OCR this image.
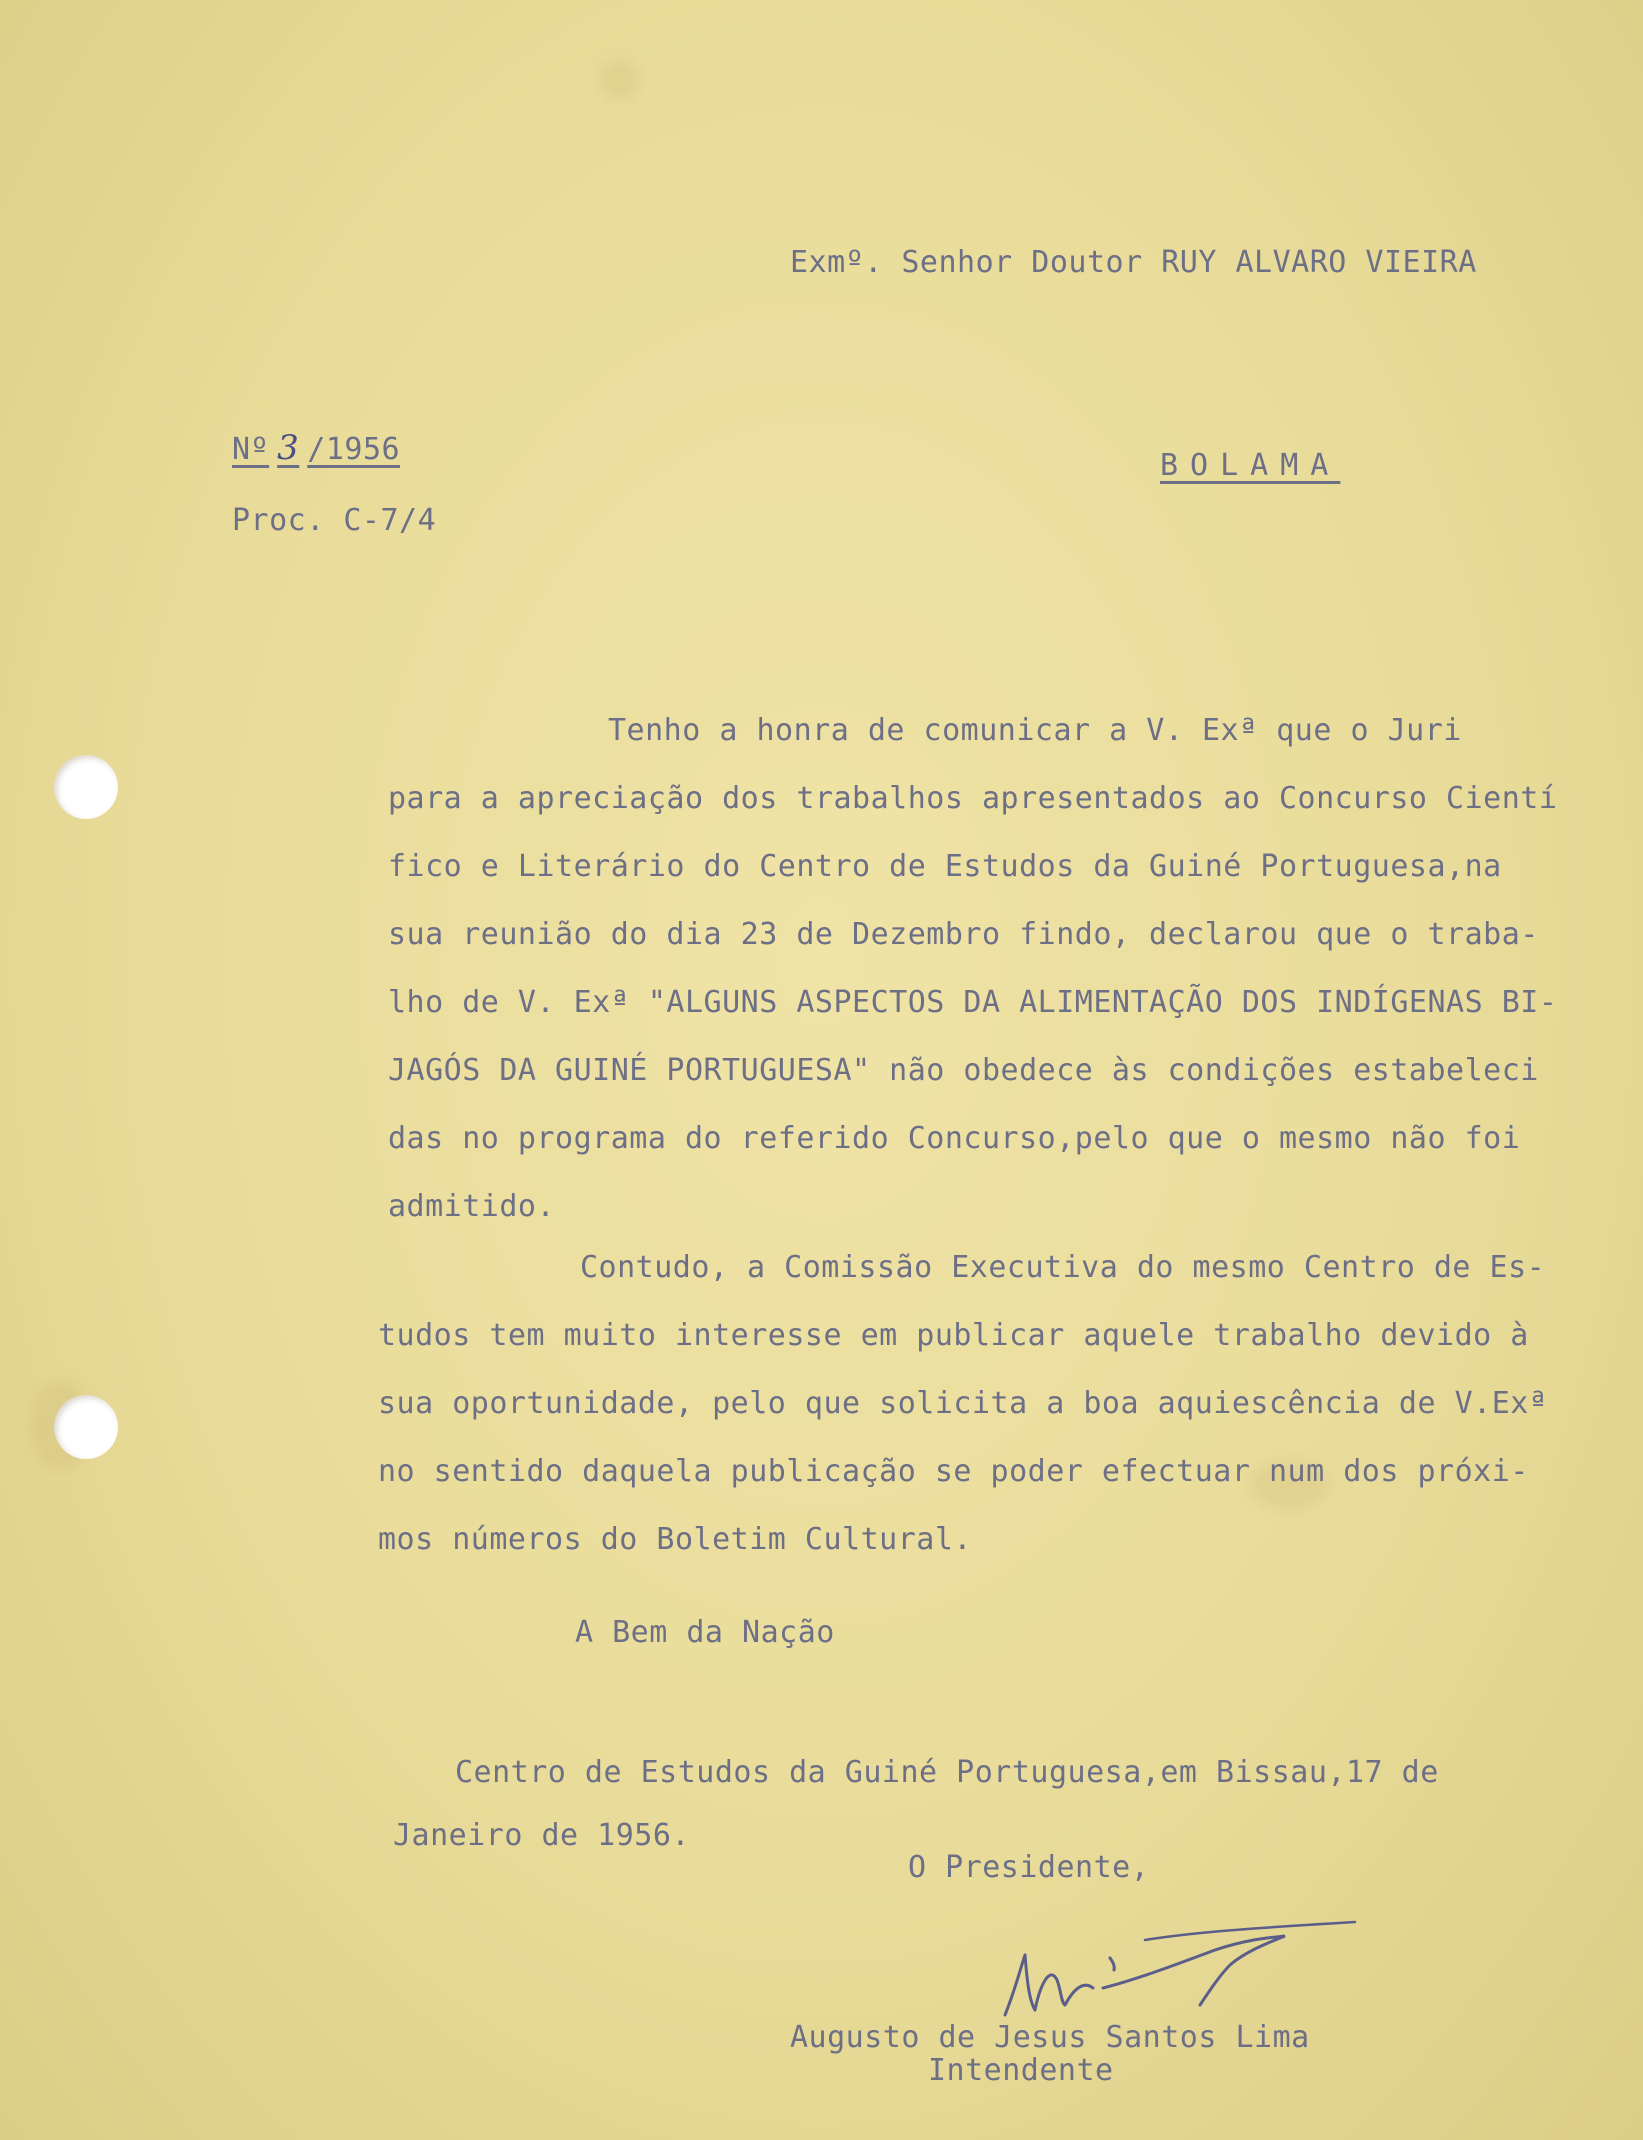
Exmº. Senhor Doutor RUY ALVARO VIEIRA
Nº 3 /1956
Proc. C-7/4
BOLAMA
Tenho a honra de comunicar a V. Exª que o Juri
para a apreciação dos trabalhos apresentados ao Concurso Cientí
fico e Literário do Centro de Estudos da Guiné Portuguesa,na
sua reunião do dia 23 de Dezembro findo, declarou que o traba-
lho de V. Exª "ALGUNS ASPECTOS DA ALIMENTAÇÃO DOS INDÍGENAS BI-
JAGÓS DA GUINÉ PORTUGUESA" não obedece às condições estabeleci
das no programa do referido Concurso,pelo que o mesmo não foi
admitido.
Contudo, a Comissão Executiva do mesmo Centro de Es-
tudos tem muito interesse em publicar aquele trabalho devido à
sua oportunidade, pelo que solicita a boa aquiescência de V.Exª
no sentido daquela publicação se poder efectuar num dos próxi-
mos números do Boletim Cultural.
A Bem da Nação
Centro de Estudos da Guiné Portuguesa,em Bissau,17 de
Janeiro de 1956.
O Presidente,
Augusto de Jesus Santos Lima
Intendente
